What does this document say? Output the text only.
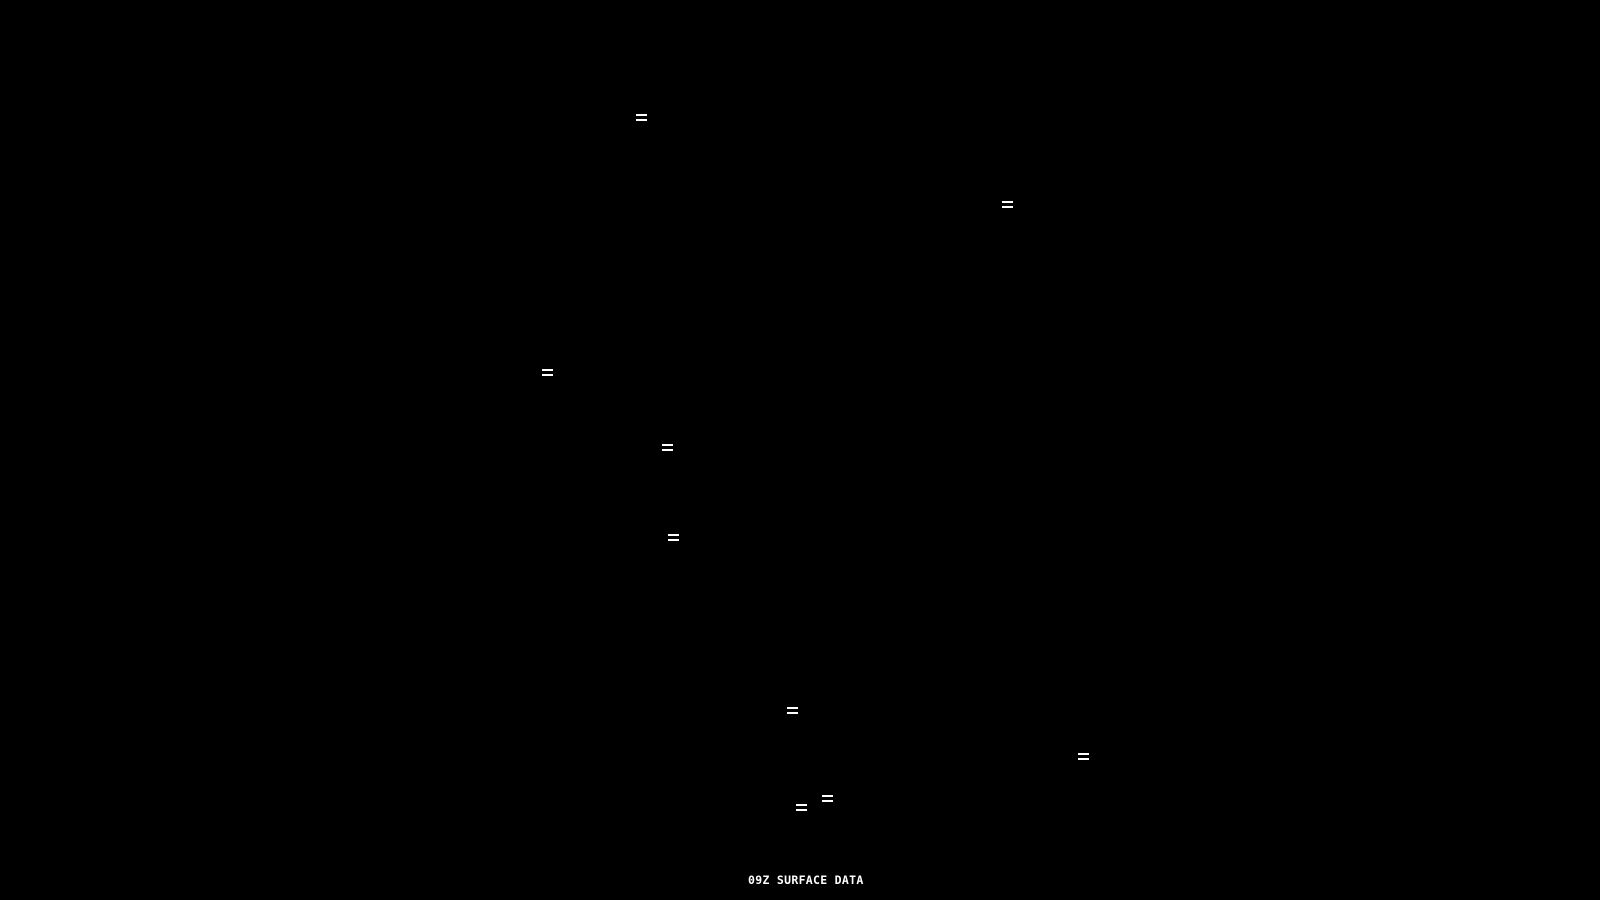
09Z SURFACE DATA
